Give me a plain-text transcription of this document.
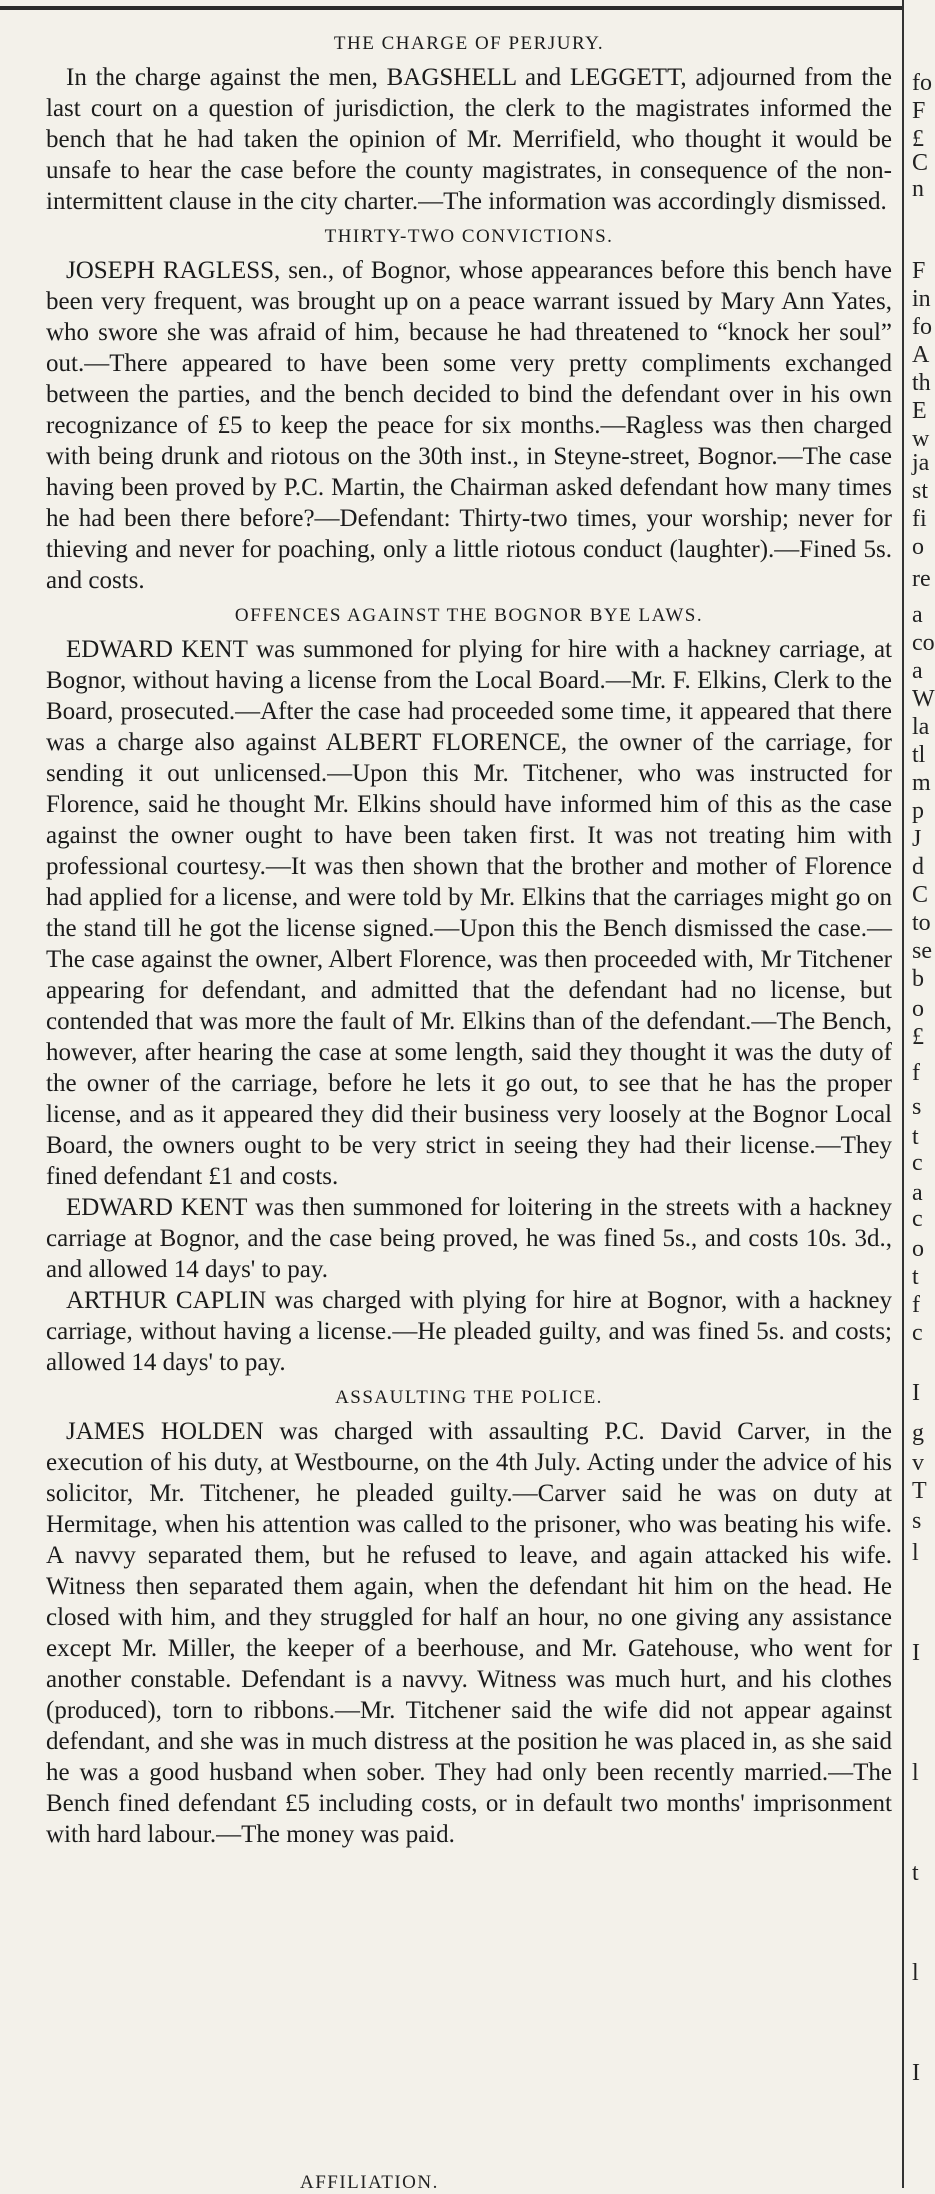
THE CHARGE OF PERJURY.

In the charge against the men, BAGSHELL and LEGGETT, adjourned from the last court on a question of jurisdiction, the clerk to the magistrates informed the bench that he had taken the opinion of Mr. Merrifield, who thought it would be unsafe to hear the case before the county magistrates, in consequence of the non-intermittent clause in the city charter.—The information was accordingly dismissed.

THIRTY-TWO CONVICTIONS.

JOSEPH RAGLESS, sen., of Bognor, whose appearances before this bench have been very frequent, was brought up on a peace warrant issued by Mary Ann Yates, who swore she was afraid of him, because he had threatened to “knock her soul” out.—There appeared to have been some very pretty compliments exchanged between the parties, and the bench decided to bind the defendant over in his own recognizance of £5 to keep the peace for six months.—Ragless was then charged with being drunk and riotous on the 30th inst., in Steyne-street, Bognor.—The case having been proved by P.C. Martin, the Chairman asked defendant how many times he had been there before?—Defendant: Thirty-two times, your worship; never for thieving and never for poaching, only a little riotous conduct (laughter).—Fined 5s. and costs.

OFFENCES AGAINST THE BOGNOR BYE LAWS.

EDWARD KENT was summoned for plying for hire with a hackney carriage, at Bognor, without having a license from the Local Board.—Mr. F. Elkins, Clerk to the Board, prosecuted.—After the case had proceeded some time, it appeared that there was a charge also against ALBERT FLORENCE, the owner of the carriage, for sending it out unlicensed.—Upon this Mr. Titchener, who was instructed for Florence, said he thought Mr. Elkins should have informed him of this as the case against the owner ought to have been taken first. It was not treating him with professional courtesy.—It was then shown that the brother and mother of Florence had applied for a license, and were told by Mr. Elkins that the carriages might go on the stand till he got the license signed.—Upon this the Bench dismissed the case.—The case against the owner, Albert Florence, was then proceeded with, Mr Titchener appearing for defendant, and admitted that the defendant had no license, but contended that was more the fault of Mr. Elkins than of the defendant.—The Bench, however, after hearing the case at some length, said they thought it was the duty of the owner of the carriage, before he lets it go out, to see that he has the proper license, and as it appeared they did their business very loosely at the Bognor Local Board, the owners ought to be very strict in seeing they had their license.—They fined defendant £1 and costs.

EDWARD KENT was then summoned for loitering in the streets with a hackney carriage at Bognor, and the case being proved, he was fined 5s., and costs 10s. 3d., and allowed 14 days' to pay.

ARTHUR CAPLIN was charged with plying for hire at Bognor, with a hackney carriage, without having a license.—He pleaded guilty, and was fined 5s. and costs; allowed 14 days' to pay.

ASSAULTING THE POLICE.

JAMES HOLDEN was charged with assaulting P.C. David Carver, in the execution of his duty, at Westbourne, on the 4th July. Acting under the advice of his solicitor, Mr. Titchener, he pleaded guilty.—Carver said he was on duty at Hermitage, when his attention was called to the prisoner, who was beating his wife. A navvy separated them, but he refused to leave, and again attacked his wife. Witness then separated them again, when the defendant hit him on the head. He closed with him, and they struggled for half an hour, no one giving any assistance except Mr. Miller, the keeper of a beerhouse, and Mr. Gatehouse, who went for another constable. Defendant is a navvy. Witness was much hurt, and his clothes (produced), torn to ribbons.—Mr. Titchener said the wife did not appear against defendant, and she was in much distress at the position he was placed in, as she said he was a good husband when sober. They had only been recently married.—The Bench fined defendant £5 including costs, or in default two months' imprisonment with hard labour.—The money was paid.

fo
F
£
C
n
F
in
fo
A
th
E
w
ja
st
fi
o
re
a
co
a
W
la
tl
m
p
J
d
C
to
se
b
o
£
f
s
t
c
a
c
o
t
f
c
I
g
v
T
s
l
I
l
t
l
I
AFFILIATION.
